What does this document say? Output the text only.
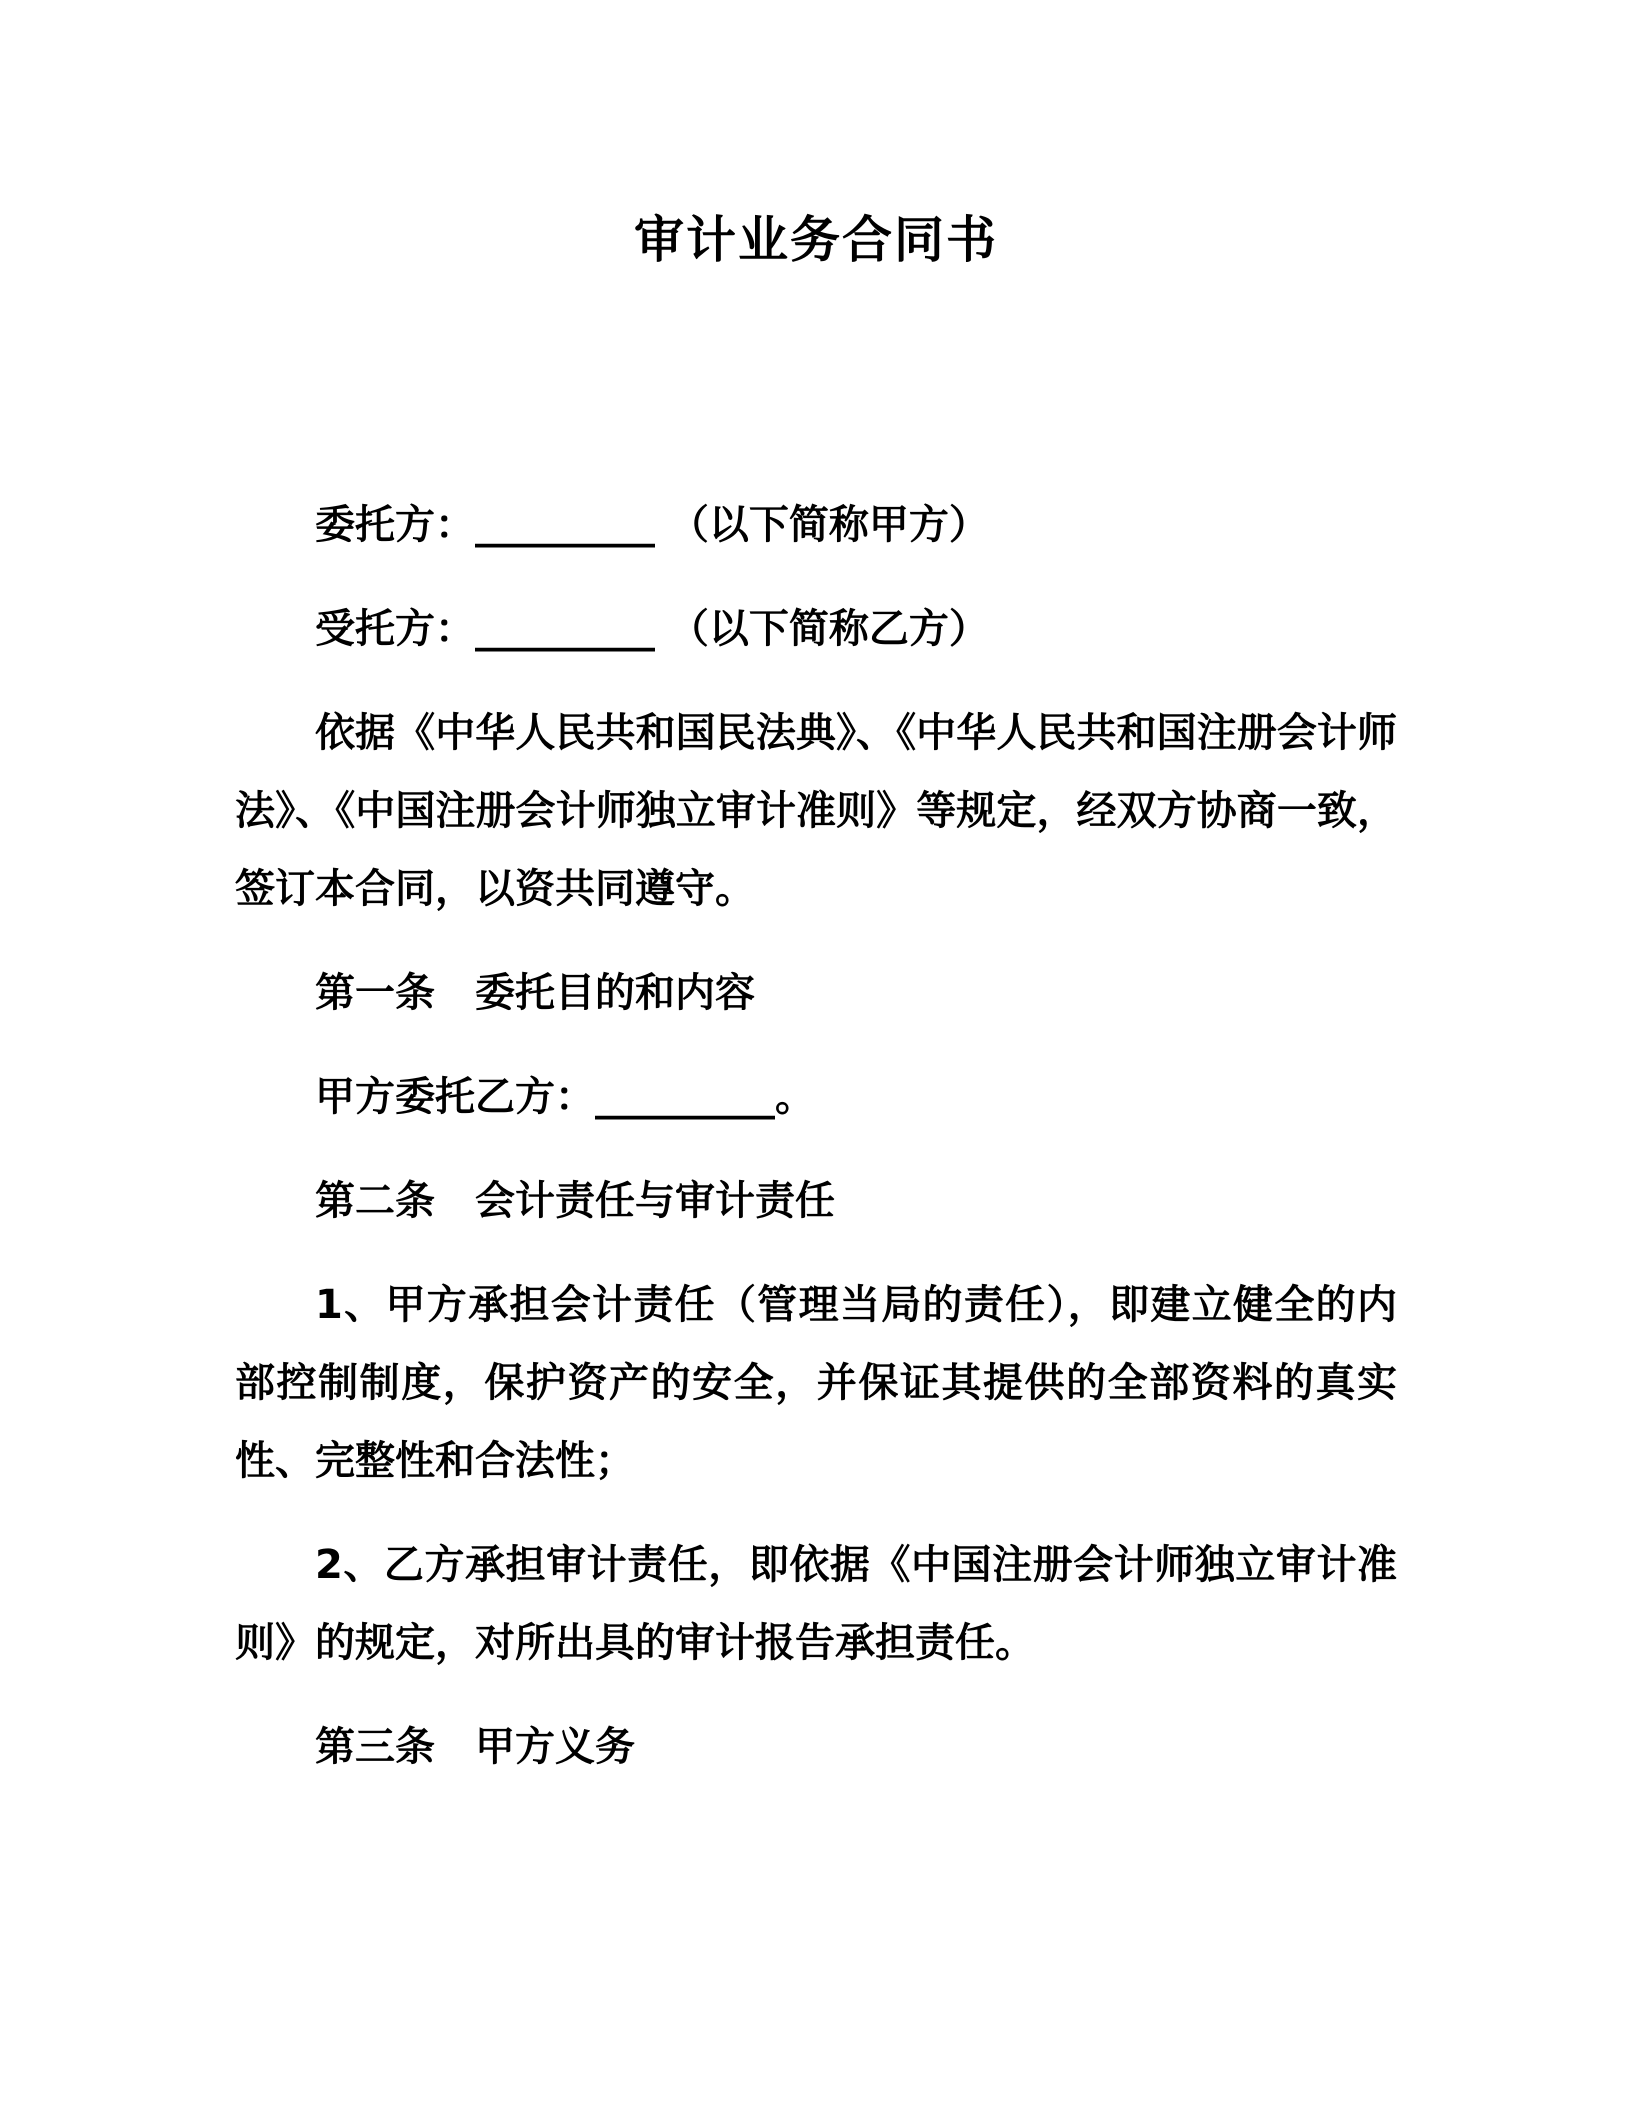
审计业务合同书

委托方：_________ （以下简称甲方）

受托方：_________ （以下简称乙方）

依据《中华人民共和国民法典》、《中华人民共和国注册会计师法》、《中国注册会计师独立审计准则》等规定，经双方协商一致，签订本合同，以资共同遵守。

第一条　委托目的和内容

甲方委托乙方：_________。

第二条　会计责任与审计责任

1、甲方承担会计责任（管理当局的责任），即建立健全的内部控制制度，保护资产的安全，并保证其提供的全部资料的真实性、完整性和合法性；

2、乙方承担审计责任，即依据《中国注册会计师独立审计准则》的规定，对所出具的审计报告承担责任。

第三条　甲方义务
